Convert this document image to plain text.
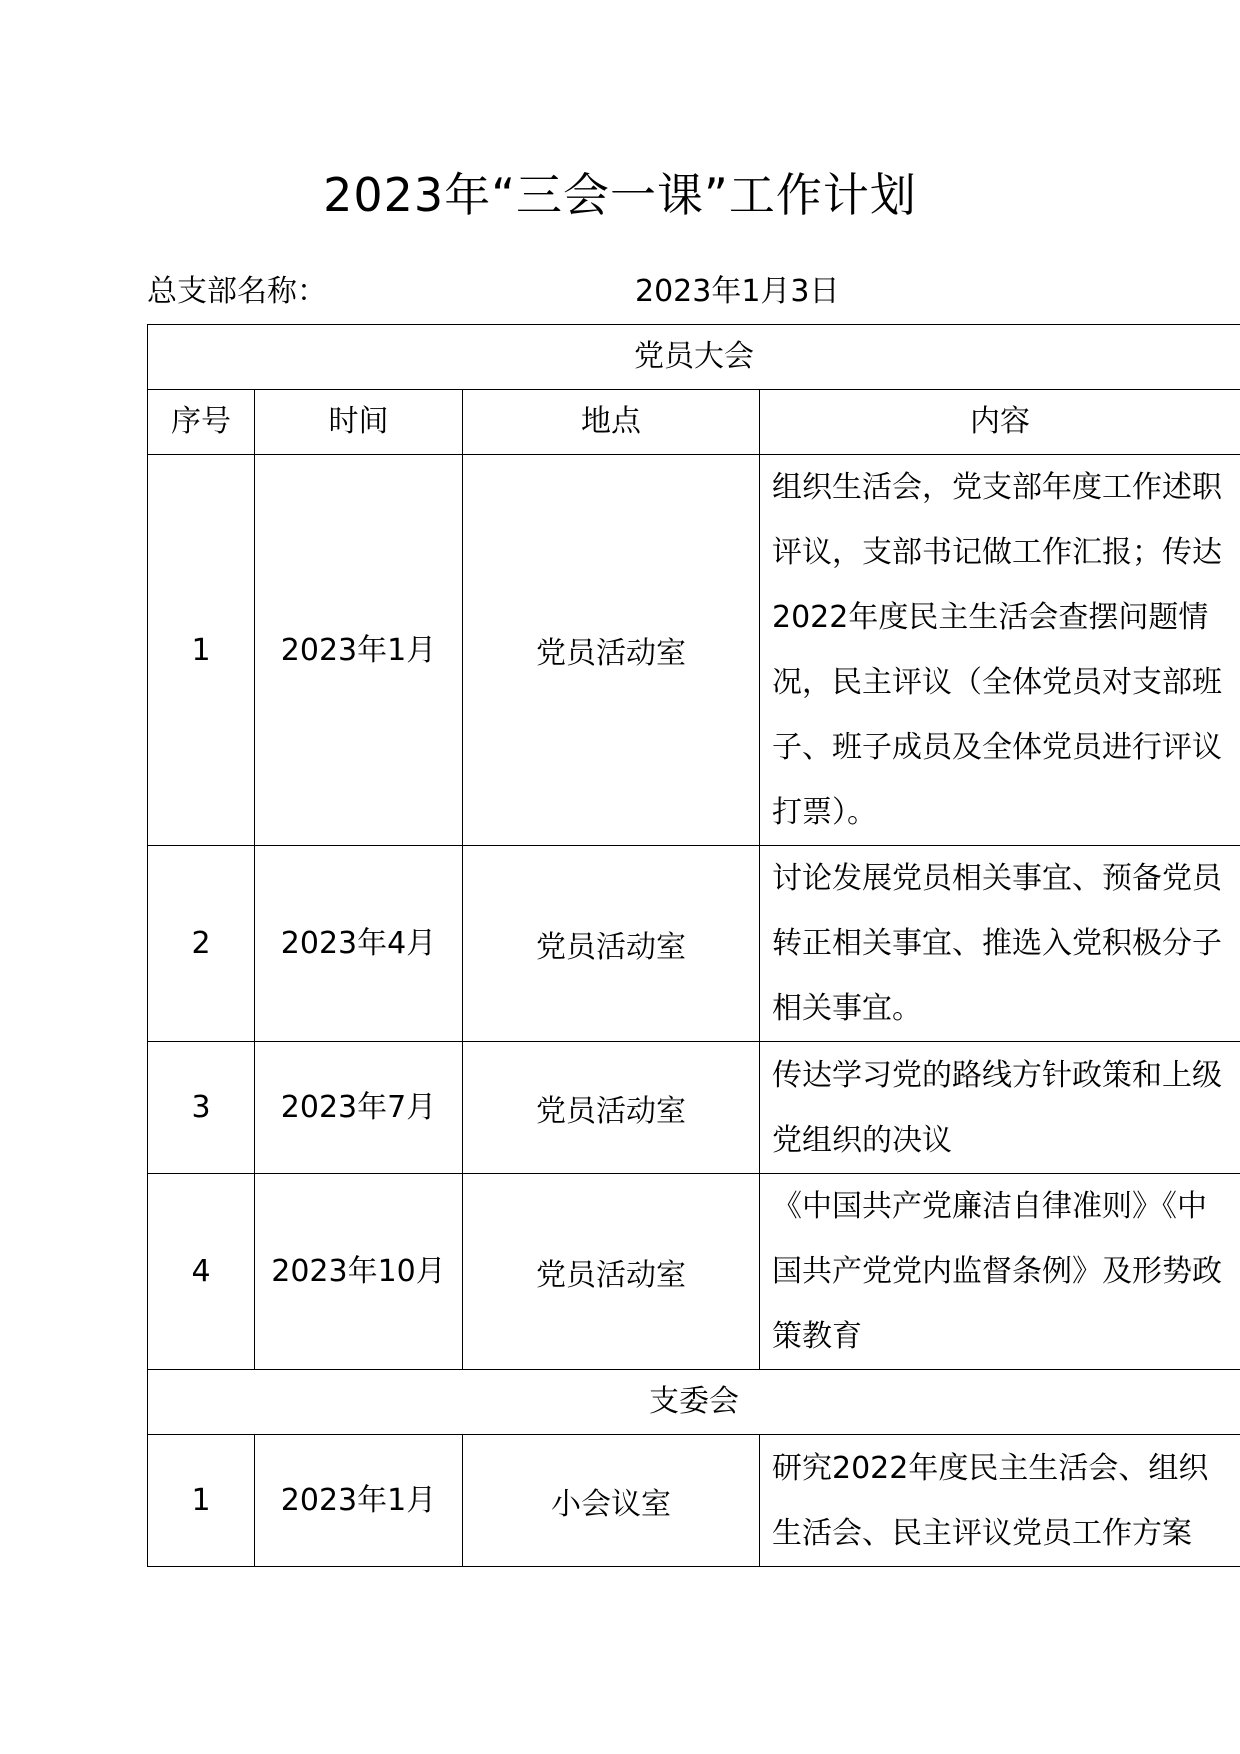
2023年“三会一课”工作计划
总支部名称：	2023年1月3日
党员大会			
序号	时间	地点	内容
1	2023年1月	党员活动室	组织生活会，党支部年度工作述职评议，支部书记做工作汇报；传达2022年度民主生活会查摆问题情况，民主评议（全体党员对支部班子、班子成员及全体党员进行评议打票）。
2	2023年4月	党员活动室	讨论发展党员相关事宜、预备党员转正相关事宜、推选入党积极分子相关事宜。
3	2023年7月	党员活动室	传达学习党的路线方针政策和上级党组织的决议
4	2023年10月	党员活动室	《中国共产党廉洁自律准则》《中国共产党党内监督条例》及形势政策教育
支委会			
1	2023年1月	小会议室	研究2022年度民主生活会、组织生活会、民主评议党员工作方案
